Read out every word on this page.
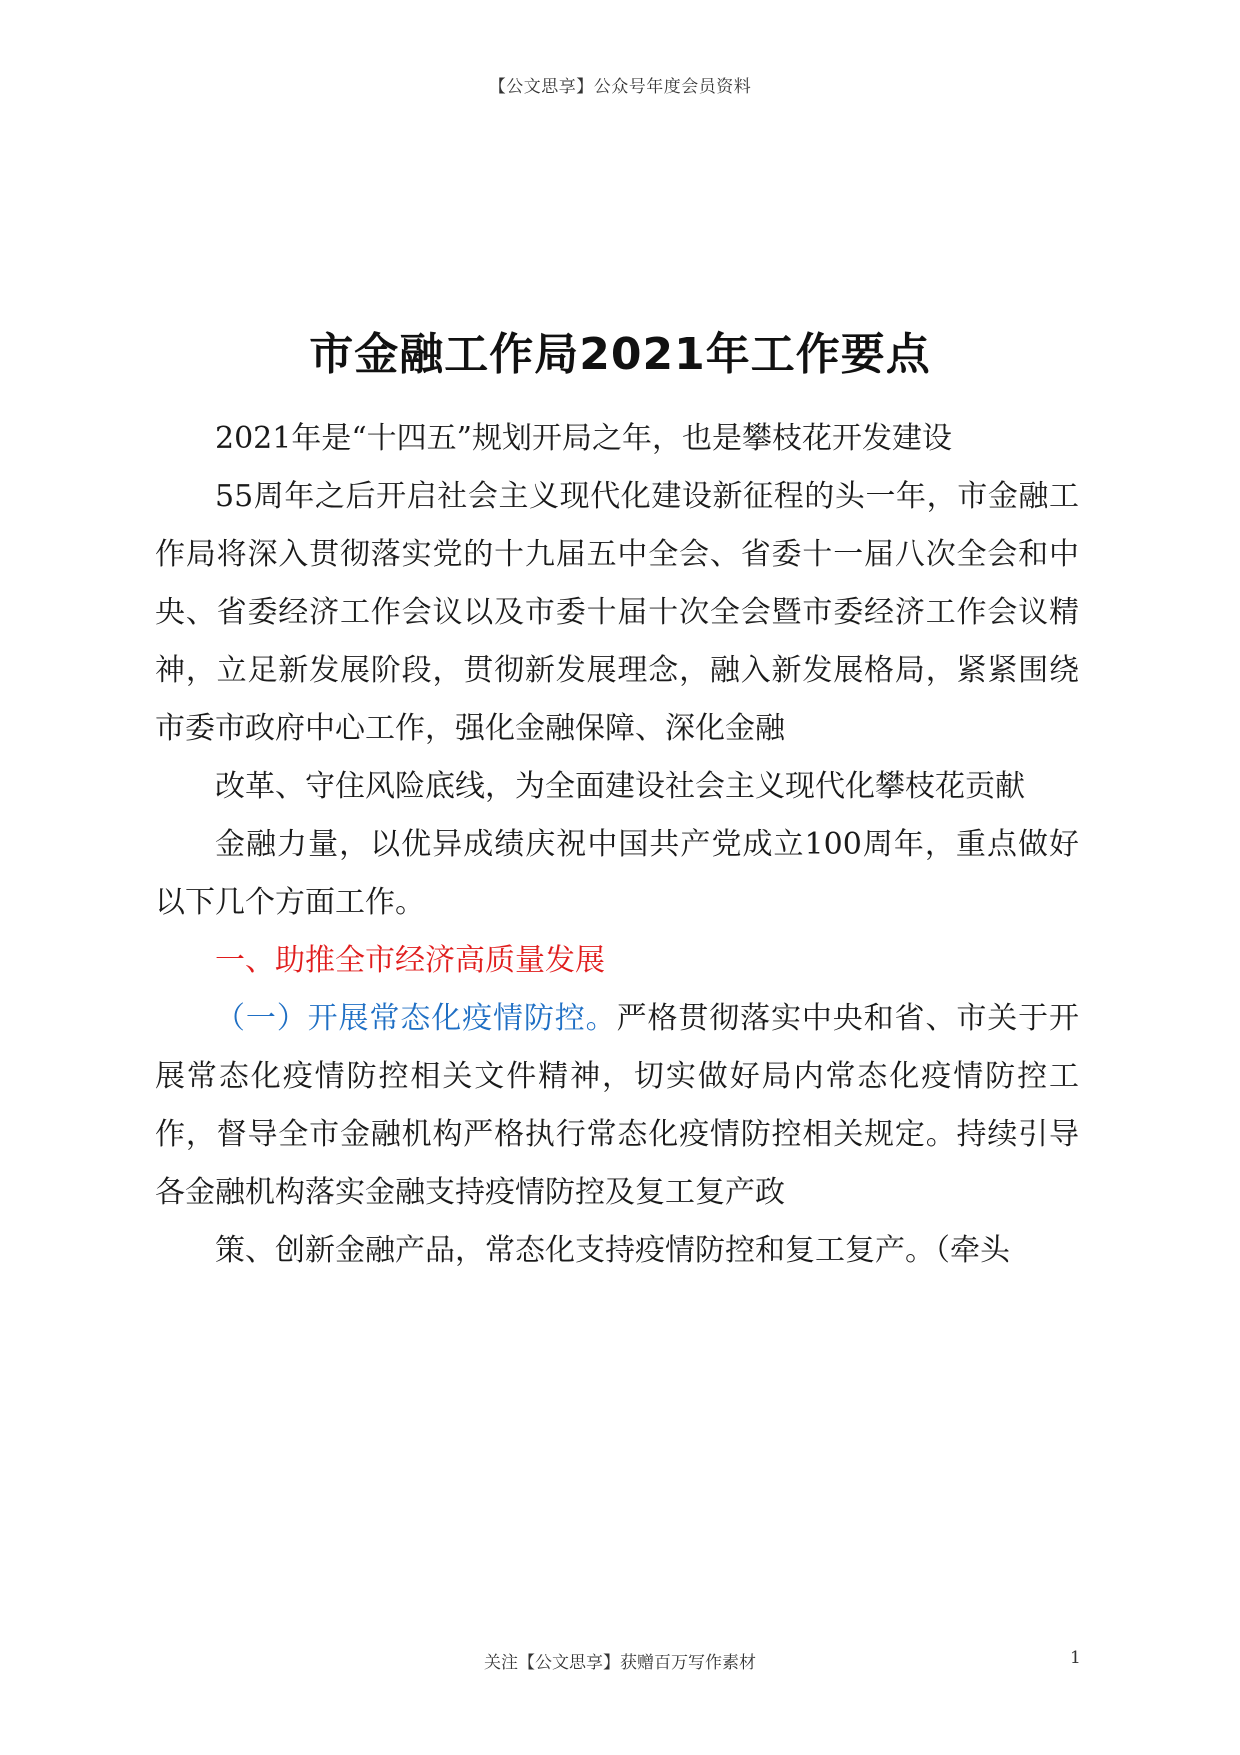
【公文思享】公众号年度会员资料
市金融工作局2021年工作要点

2021年是“十四五”规划开局之年，也是攀枝花开发建设

55周年之后开启社会主义现代化建设新征程的头一年，市金融工作局将深入贯彻落实党的十九届五中全会、省委十一届八次全会和中央、省委经济工作会议以及市委十届十次全会暨市委经济工作会议精神，立足新发展阶段，贯彻新发展理念，融入新发展格局，紧紧围绕市委市政府中心工作，强化金融保障、深化金融

改革、守住风险底线，为全面建设社会主义现代化攀枝花贡献

金融力量，以优异成绩庆祝中国共产党成立100周年，重点做好以下几个方面工作。

一、助推全市经济高质量发展

（一）开展常态化疫情防控。严格贯彻落实中央和省、市关于开展常态化疫情防控相关文件精神，切实做好局内常态化疫情防控工作，督导全市金融机构严格执行常态化疫情防控相关规定。持续引导各金融机构落实金融支持疫情防控及复工复产政

策、创新金融产品，常态化支持疫情防控和复工复产。（牵头

关注【公文思享】获赠百万写作素材	1
